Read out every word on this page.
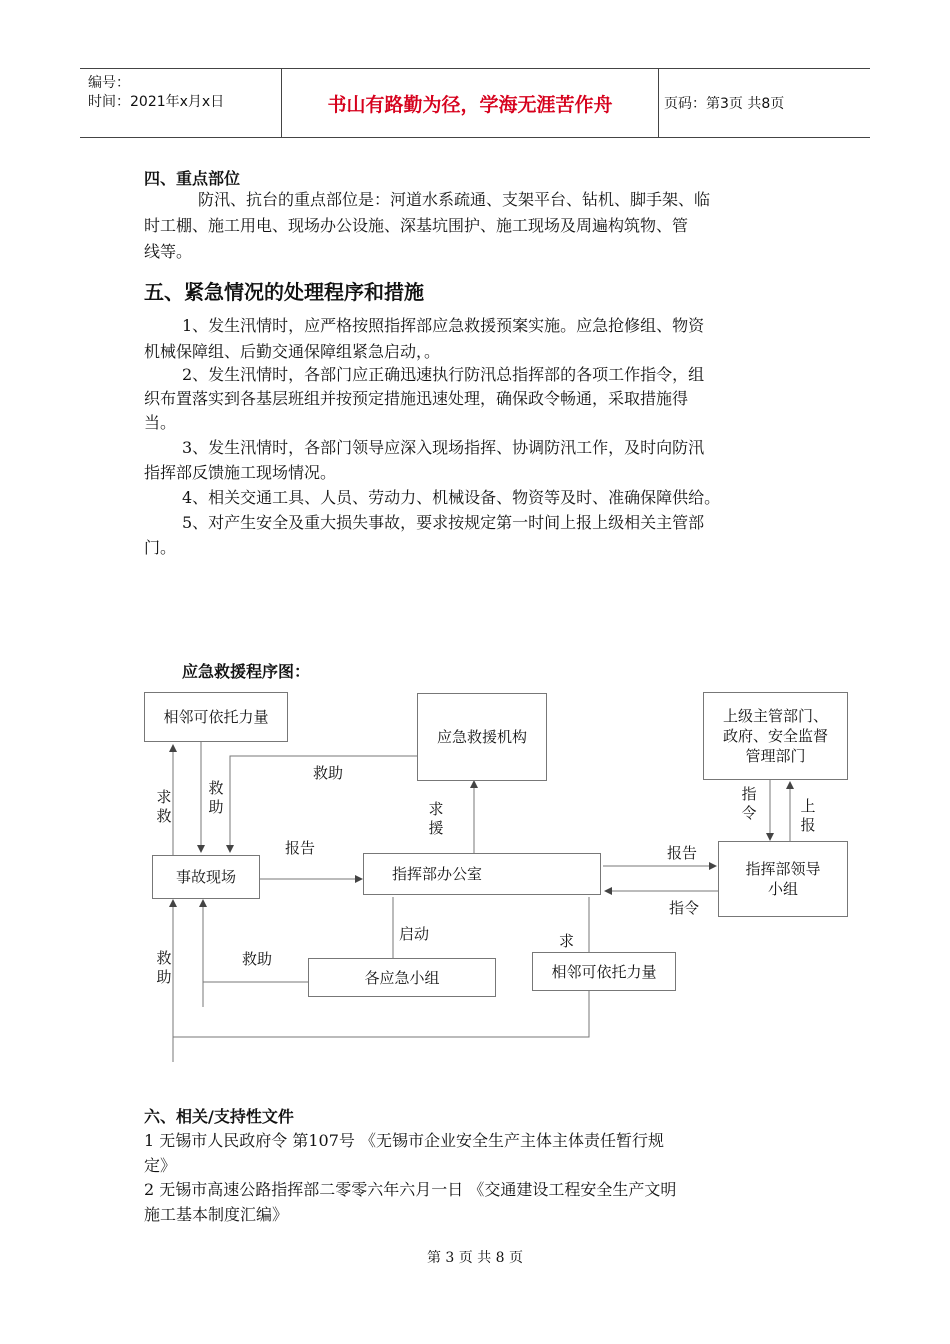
编号：
时间：2021年x月x日	书山有路勤为径，学海无涯苦作舟	页码：第3页 共8页
四、重点部位
防汛、抗台的重点部位是：河道水系疏通、支架平台、钻机、脚手架、临
时工棚、施工用电、现场办公设施、深基坑围护、施工现场及周遍构筑物、管
线等。
五、紧急情况的处理程序和措施
1、发生汛情时，应严格按照指挥部应急救援预案实施。应急抢修组、物资
机械保障组、后勤交通保障组紧急启动，。
2、发生汛情时，各部门应正确迅速执行防汛总指挥部的各项工作指令，组
织布置落实到各基层班组并按预定措施迅速处理，确保政令畅通，采取措施得
当。
3、发生汛情时，各部门领导应深入现场指挥、协调防汛工作，及时向防汛
指挥部反馈施工现场情况。
4、相关交通工具、人员、劳动力、机械设备、物资等及时、准确保障供给。
5、对产生安全及重大损失事故，要求按规定第一时间上报上级相关主管部
门。
应急救援程序图：
相邻可依托力量
应急救援机构
上级主管部门、
政府、安全监督
管理部门
事故现场	指挥部办公室	指挥部领导
小组
各应急小组	相邻可依托力量
求救
救助
救助
求援
报告	报告
指令
指令	上报
启动
救助
救助
求
六、相关/支持性文件
1 无锡市人民政府令 第107号 《无锡市企业安全生产主体主体责任暂行规
定》
2 无锡市高速公路指挥部二零零六年六月一日 《交通建设工程安全生产文明
施工基本制度汇编》
第 3 页 共 8 页
